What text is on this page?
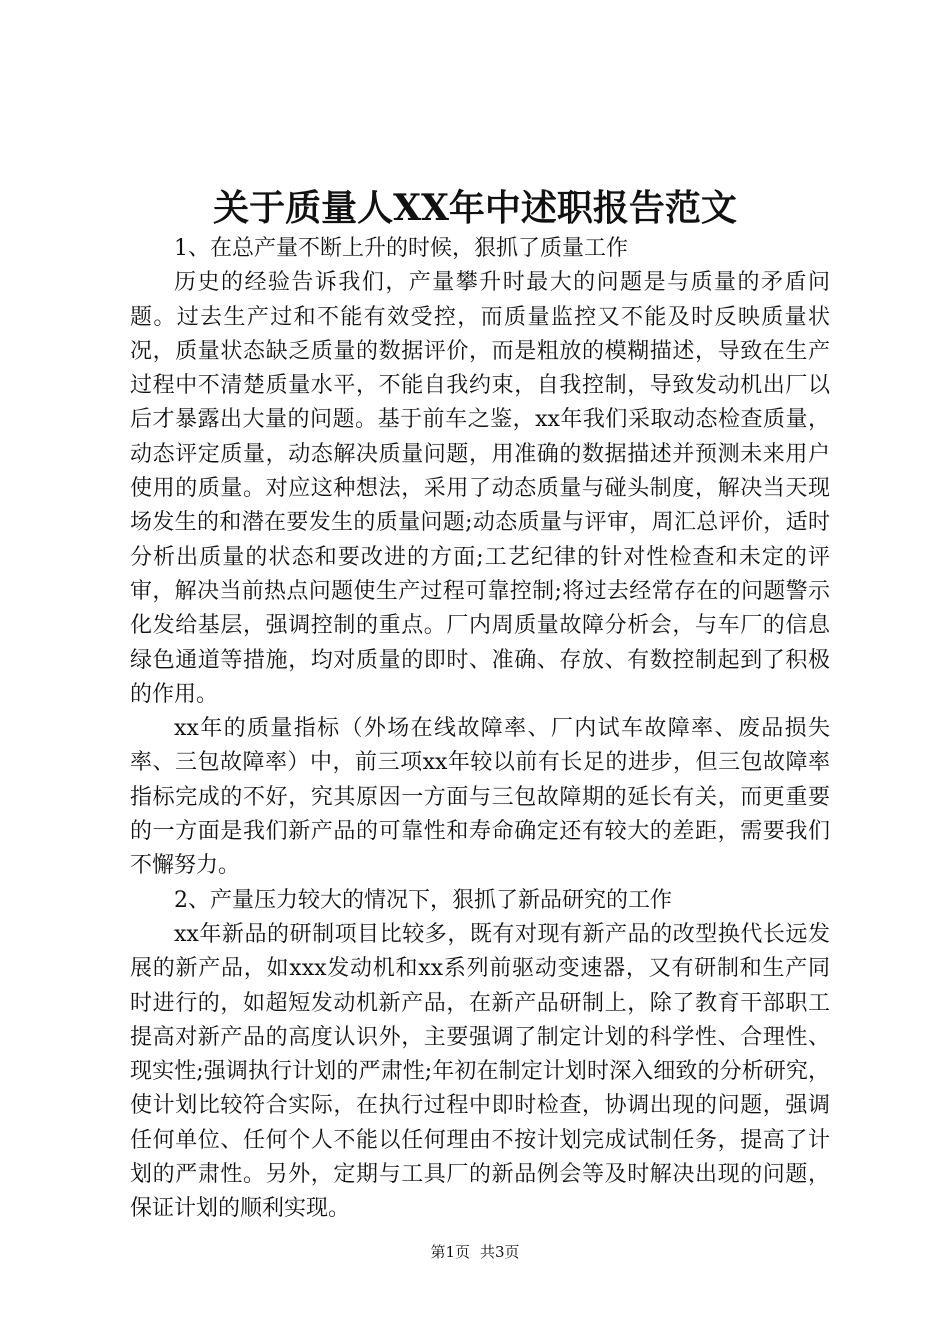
关于质量人XX年中述职报告范文

1、在总产量不断上升的时候，狠抓了质量工作

历史的经验告诉我们，产量攀升时最大的问题是与质量的矛盾问题。过去生产过和不能有效受控，而质量监控又不能及时反映质量状况，质量状态缺乏质量的数据评价，而是粗放的模糊描述，导致在生产过程中不清楚质量水平，不能自我约束，自我控制，导致发动机出厂以后才暴露出大量的问题。基于前车之鉴，xx年我们采取动态检查质量，动态评定质量，动态解决质量问题，用准确的数据描述并预测未来用户使用的质量。对应这种想法，采用了动态质量与碰头制度，解决当天现场发生的和潜在要发生的质量问题;动态质量与评审，周汇总评价，适时分析出质量的状态和要改进的方面;工艺纪律的针对性检查和未定的评审，解决当前热点问题使生产过程可靠控制;将过去经常存在的问题警示化发给基层，强调控制的重点。厂内周质量故障分析会，与车厂的信息绿色通道等措施，均对质量的即时、准确、存放、有数控制起到了积极的作用。

xx年的质量指标（外场在线故障率、厂内试车故障率、废品损失率、三包故障率）中，前三项xx年较以前有长足的进步，但三包故障率指标完成的不好，究其原因一方面与三包故障期的延长有关，而更重要的一方面是我们新产品的可靠性和寿命确定还有较大的差距，需要我们不懈努力。

2、产量压力较大的情况下，狠抓了新品研究的工作

xx年新品的研制项目比较多，既有对现有新产品的改型换代长远发展的新产品，如xxx发动机和xx系列前驱动变速器，又有研制和生产同时进行的，如超短发动机新产品，在新产品研制上，除了教育干部职工提高对新产品的高度认识外，主要强调了制定计划的科学性、合理性、现实性;强调执行计划的严肃性;年初在制定计划时深入细致的分析研究，使计划比较符合实际，在执行过程中即时检查，协调出现的问题，强调任何单位、任何个人不能以任何理由不按计划完成试制任务，提高了计划的严肃性。另外，定期与工具厂的新品例会等及时解决出现的问题，保证计划的顺利实现。

第1页 共3页
